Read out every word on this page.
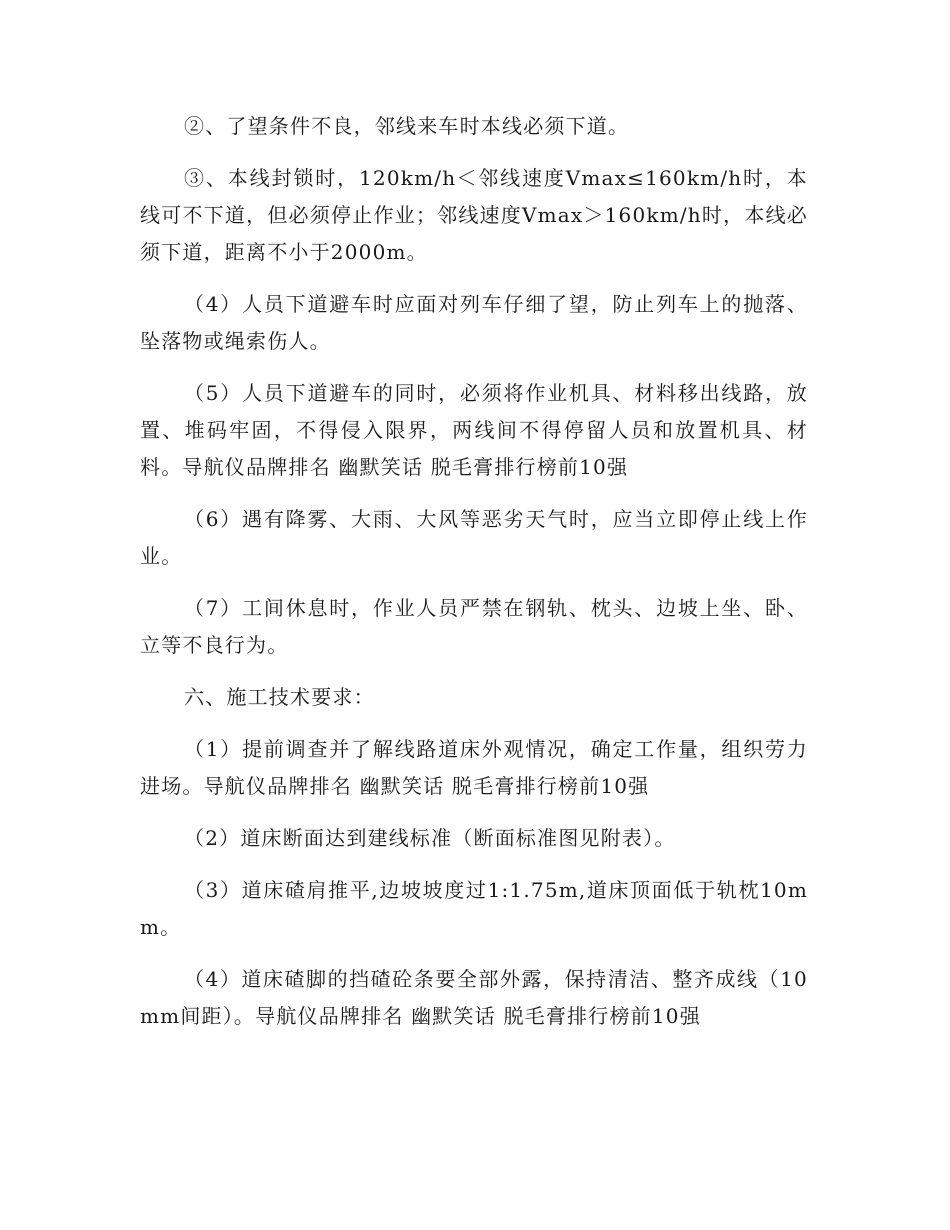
②、了望条件不良，邻线来车时本线必须下道。

③、本线封锁时，120km/h＜邻线速度Vmax≤160km/h时，本线可不下道，但必须停止作业；邻线速度Vmax＞160km/h时，本线必须下道，距离不小于2000m。

（4）人员下道避车时应面对列车仔细了望，防止列车上的抛落、坠落物或绳索伤人。

（5）人员下道避车的同时，必须将作业机具、材料移出线路，放置、堆码牢固，不得侵入限界，两线间不得停留人员和放置机具、材料。导航仪品牌排名 幽默笑话 脱毛膏排行榜前10强

（6）遇有降雾、大雨、大风等恶劣天气时，应当立即停止线上作业。

（7）工间休息时，作业人员严禁在钢轨、枕头、边坡上坐、卧、立等不良行为。

六、施工技术要求：

（1）提前调查并了解线路道床外观情况，确定工作量，组织劳力进场。导航仪品牌排名 幽默笑话 脱毛膏排行榜前10强

（2）道床断面达到建线标准（断面标准图见附表）。

（3）道床碴肩推平,边坡坡度过1:1.75m,道床顶面低于轨枕10mm。

（4）道床碴脚的挡碴砼条要全部外露，保持清洁、整齐成线（10mm间距）。导航仪品牌排名 幽默笑话 脱毛膏排行榜前10强
